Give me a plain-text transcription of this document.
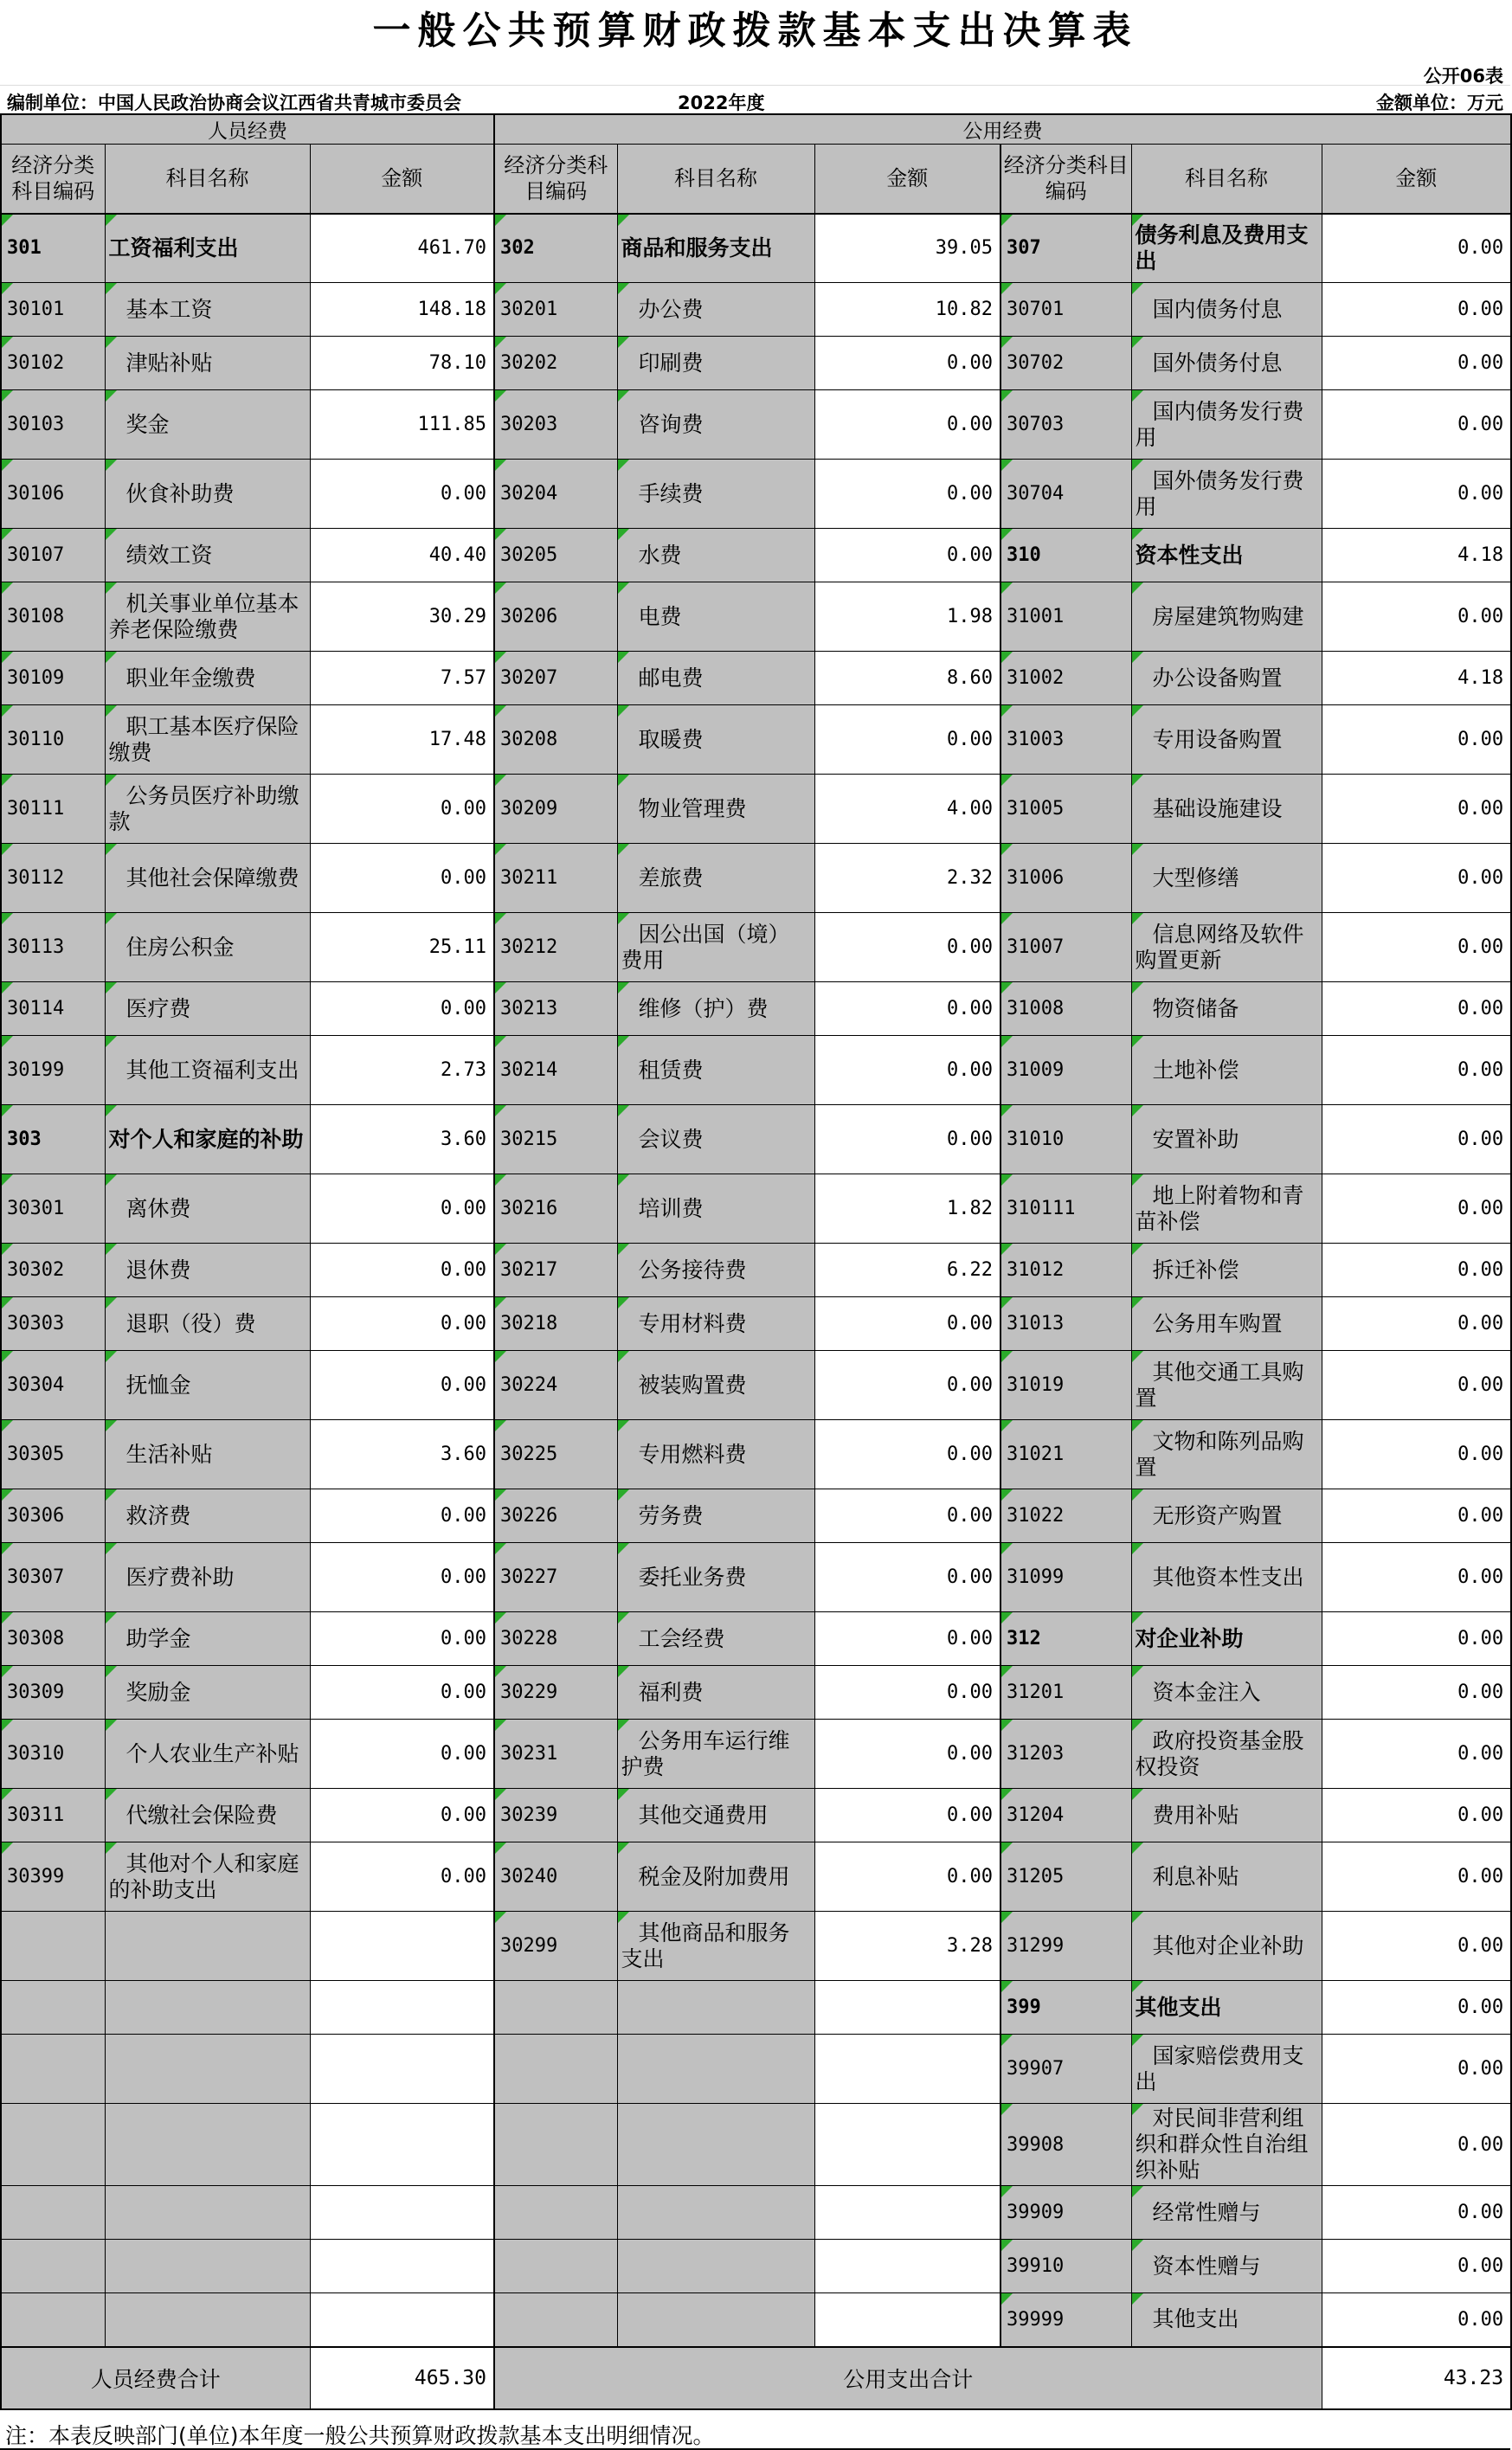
一般公共预算财政拨款基本支出决算表
公开06表
编制单位：中国人民政治协商会议江西省共青城市委员会	2022年度	金额单位：万元
人员经费			公用经费					
经济分类科目编码	科目名称	金额	经济分类科目编码	科目名称	金额	经济分类科目编码	科目名称	金额
301	工资福利支出	461.70	302	商品和服务支出	39.05	307	债务利息及费用支出	0.00
30101	基本工资	148.18	30201	办公费	10.82	30701	国内债务付息	0.00
30102	津贴补贴	78.10	30202	印刷费	0.00	30702	国外债务付息	0.00
30103	奖金	111.85	30203	咨询费	0.00	30703	国内债务发行费用	0.00
30106	伙食补助费	0.00	30204	手续费	0.00	30704	国外债务发行费用	0.00
30107	绩效工资	40.40	30205	水费	0.00	310	资本性支出	4.18
30108	机关事业单位基本养老保险缴费	30.29	30206	电费	1.98	31001	房屋建筑物购建	0.00
30109	职业年金缴费	7.57	30207	邮电费	8.60	31002	办公设备购置	4.18
30110	职工基本医疗保险缴费	17.48	30208	取暖费	0.00	31003	专用设备购置	0.00
30111	公务员医疗补助缴款	0.00	30209	物业管理费	4.00	31005	基础设施建设	0.00
30112	其他社会保障缴费	0.00	30211	差旅费	2.32	31006	大型修缮	0.00
30113	住房公积金	25.11	30212	因公出国（境）费用	0.00	31007	信息网络及软件购置更新	0.00
30114	医疗费	0.00	30213	维修（护）费	0.00	31008	物资储备	0.00
30199	其他工资福利支出	2.73	30214	租赁费	0.00	31009	土地补偿	0.00
303	对个人和家庭的补助	3.60	30215	会议费	0.00	31010	安置补助	0.00
30301	离休费	0.00	30216	培训费	1.82	310111	地上附着物和青苗补偿	0.00
30302	退休费	0.00	30217	公务接待费	6.22	31012	拆迁补偿	0.00
30303	退职（役）费	0.00	30218	专用材料费	0.00	31013	公务用车购置	0.00
30304	抚恤金	0.00	30224	被装购置费	0.00	31019	其他交通工具购置	0.00
30305	生活补贴	3.60	30225	专用燃料费	0.00	31021	文物和陈列品购置	0.00
30306	救济费	0.00	30226	劳务费	0.00	31022	无形资产购置	0.00
30307	医疗费补助	0.00	30227	委托业务费	0.00	31099	其他资本性支出	0.00
30308	助学金	0.00	30228	工会经费	0.00	312	对企业补助	0.00
30309	奖励金	0.00	30229	福利费	0.00	31201	资本金注入	0.00
30310	个人农业生产补贴	0.00	30231	公务用车运行维护费	0.00	31203	政府投资基金股权投资	0.00
30311	代缴社会保险费	0.00	30239	其他交通费用	0.00	31204	费用补贴	0.00
30399	其他对个人和家庭的补助支出	0.00	30240	税金及附加费用	0.00	31205	利息补贴	0.00
			30299	其他商品和服务支出	3.28	31299	其他对企业补助	0.00
						399	其他支出	0.00
						39907	国家赔偿费用支出	0.00
						39908	对民间非营利组织和群众性自治组织补贴	0.00
						39909	经常性赠与	0.00
						39910	资本性赠与	0.00
						39999	其他支出	0.00
人员经费合计		465.30	公用支出合计					43.23
注：本表反映部门(单位)本年度一般公共预算财政拨款基本支出明细情况。
